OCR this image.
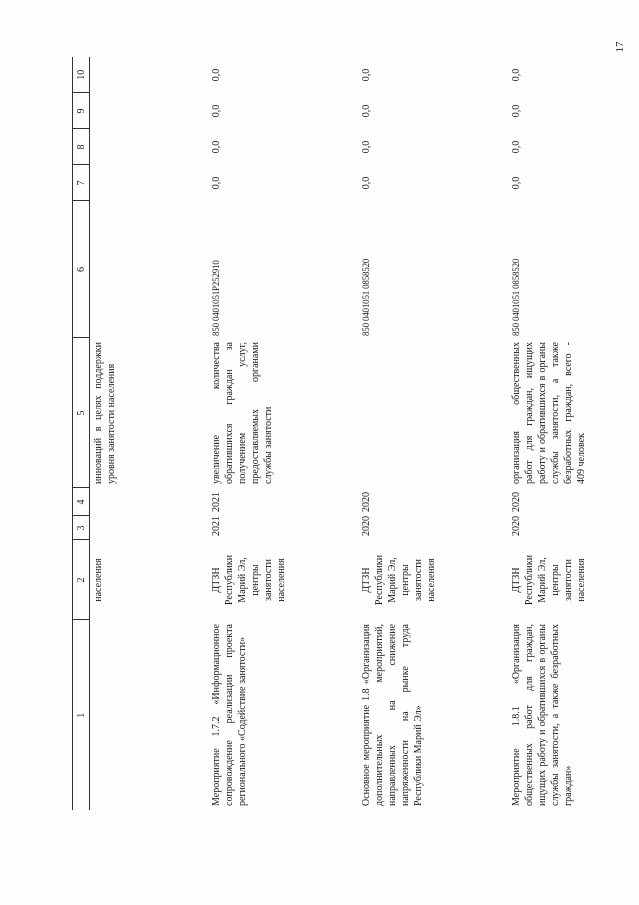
17
1	2	3	4	5	6	7	8	9	10
	населения			инноваций в целях поддержки уровня занятости населения					
Мероприятие 1.7.2 «Информационное сопровождение реализации проекта регионального «Содействие занятости»	ДТЗН Республики Марий Эл, центры занятости населения	2021	2021	увеличение количества обратившихся граждан за получением услуг, предоставляемых органами службы занятости	850 0401051P252910	0,0	0,0	0,0	0,0
Основное мероприятие 1.8 «Организация дополнительных мероприятий, направленных на снижение напряженности на рынке труда Республики Марий Эл»	ДТЗН Республики Марий Эл, центры занятости населения	2020	2020		850 0401051 0858520	0,0	0,0	0,0	0,0
Мероприятие 1.8.1 «Организация общественных работ для граждан, ищущих работу и обратившихся в органы службы занятости, а также безработных граждан»	ДТЗН Республики Марий Эл, центры занятости населения	2020	2020	организация общественных работ для граждан, ищущих работу и обратившихся в органы службы занятости, а также безработных граждан, всего - 409 человек	850 0401051 0858520	0,0	0,0	0,0	0,0
